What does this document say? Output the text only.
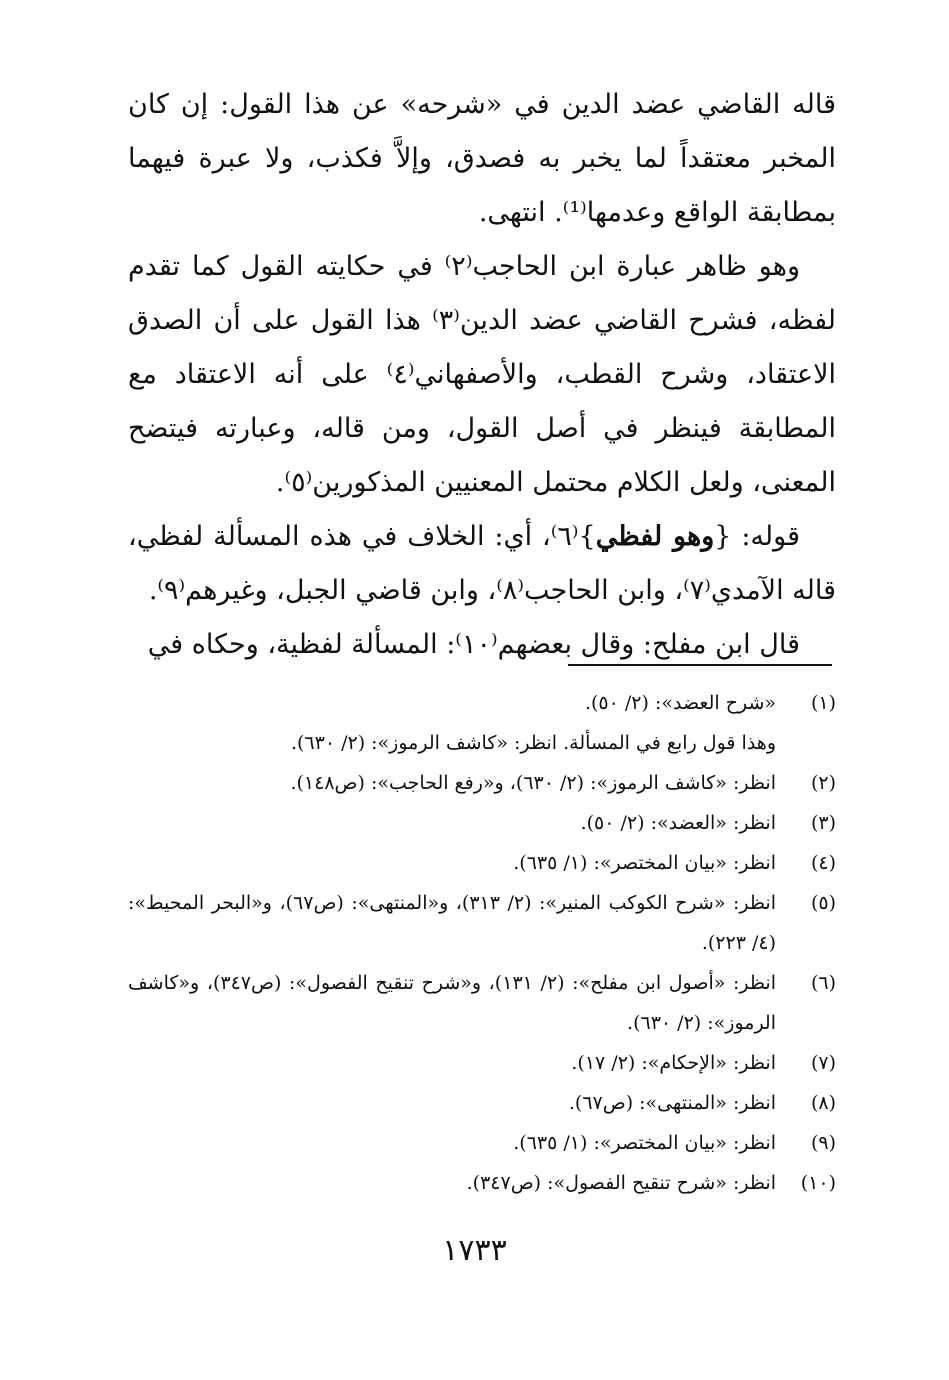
قاله القاضي عضد الدين في «شرحه» عن هذا القول: إن كان المخبر معتقداً لما يخبر به فصدق، وإلاَّ فكذب، ولا عبرة فيهما بمطابقة الواقع وعدمها⁽¹⁾. انتهى.

وهو ظاهر عبارة ابن الحاجب⁽٢⁾ في حكايته القول كما تقدم لفظه، فشرح القاضي عضد الدين⁽٣⁾ هذا القول على أن الصدق الاعتقاد، وشرح القطب، والأصفهاني⁽٤⁾ على أنه الاعتقاد مع المطابقة فينظر في أصل القول، ومن قاله، وعبارته فيتضح المعنى، ولعل الكلام محتمل المعنيين المذكورين⁽٥⁾.

قوله: {وهو لفظي}⁽٦⁾، أي: الخلاف في هذه المسألة لفظي، قاله الآمدي⁽٧⁾، وابن الحاجب⁽٨⁾، وابن قاضي الجبل، وغيرهم⁽٩⁾.

قال ابن مفلح: وقال بعضهم⁽١٠⁾: المسألة لفظية، وحكاه في

(١)
«شرح العضد»: (٢/ ٥٠).
وهذا قول رابع في المسألة. انظر: «كاشف الرموز»: (٢/ ٦٣٠).
(٢)
انظر: «كاشف الرموز»: (٢/ ٦٣٠)، و«رفع الحاجب»: (ص١٤٨).
(٣)
انظر: «العضد»: (٢/ ٥٠).
(٤)
انظر: «بيان المختصر»: (١/ ٦٣٥).
(٥)
انظر: «شرح الكوكب المنير»: (٢/ ٣١٣)، و«المنتهى»: (ص٦٧)، و«البحر المحيط»: (٤/ ٢٢٣).
(٦)
انظر: «أصول ابن مفلح»: (٢/ ١٣١)، و«شرح تنقيح الفصول»: (ص٣٤٧)، و«كاشف الرموز»: (٢/ ٦٣٠).
(٧)
انظر: «الإحكام»: (٢/ ١٧).
(٨)
انظر: «المنتهى»: (ص٦٧).
(٩)
انظر: «بيان المختصر»: (١/ ٦٣٥).
(١٠)
انظر: «شرح تنقيح الفصول»: (ص٣٤٧).
١٧٣٣
